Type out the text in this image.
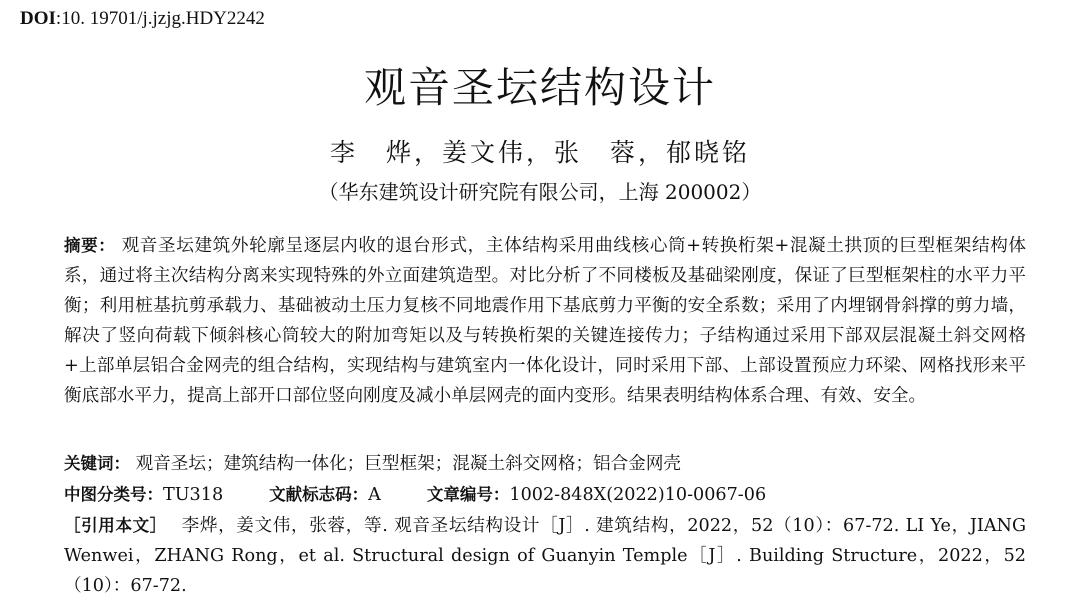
DOI:10. 19701/j.jzjg.HDY2242
观音圣坛结构设计
李　烨，姜文伟，张　蓉，郁晓铭
（华东建筑设计研究院有限公司，上海 200002）
摘要： 观音圣坛建筑外轮廓呈逐层内收的退台形式，主体结构采用曲线核心筒+转换桁架+混凝土拱顶的巨型框架结构体系，通过将主次结构分离来实现特殊的外立面建筑造型。对比分析了不同楼板及基础梁刚度，保证了巨型框架柱的水平力平衡；利用桩基抗剪承载力、基础被动土压力复核不同地震作用下基底剪力平衡的安全系数；采用了内埋钢骨斜撑的剪力墙，解决了竖向荷载下倾斜核心筒较大的附加弯矩以及与转换桁架的关键连接传力；子结构通过采用下部双层混凝土斜交网格+上部单层铝合金网壳的组合结构，实现结构与建筑室内一体化设计，同时采用下部、上部设置预应力环梁、网格找形来平衡底部水平力，提高上部开口部位竖向刚度及减小单层网壳的面内变形。结果表明结构体系合理、有效、安全。
关键词： 观音圣坛；建筑结构一体化；巨型框架；混凝土斜交网格；铝合金网壳
中图分类号：TU318	文献标志码：A	文章编号：1002-848X(2022)10-0067-06
［引用本文］ 李烨，姜文伟，张蓉，等. 观音圣坛结构设计［J］. 建筑结构，2022，52（10）：67-72. LI Ye，JIANG Wenwei，ZHANG Rong，et al. Structural design of Guanyin Temple［J］. Building Structure，2022，52（10）：67-72.
